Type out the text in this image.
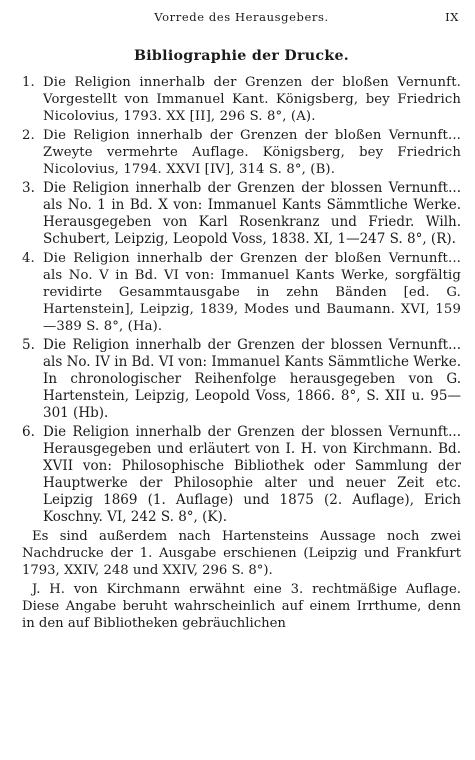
Vorrede des Herausgebers.	IX
Bibliographie der Drucke.
1. Die Religion innerhalb der Grenzen der bloßen Vernunft. Vorgestellt von Immanuel Kant. Königsberg, bey Friedrich Nicolovius, 1793. XX [II], 296 S. 8°, (A).
2. Die Religion innerhalb der Grenzen der bloßen Vernunft... Zweyte vermehrte Auflage. Königsberg, bey Friedrich Nicolovius, 1794. XXVI [IV], 314 S. 8°, (B).
3. Die Religion innerhalb der Grenzen der blossen Vernunft... als No. 1 in Bd. X von: Immanuel Kants Sämmtliche Werke. Herausgegeben von Karl Rosenkranz und Friedr. Wilh. Schubert, Leipzig, Leopold Voss, 1838. XI, 1—247 S. 8°, (R).
4. Die Religion innerhalb der Grenzen der bloßen Vernunft... als No. V in Bd. VI von: Immanuel Kants Werke, sorgfältig revidirte Gesammtausgabe in zehn Bänden [ed. G. Hartenstein], Leipzig, 1839, Modes und Baumann. XVI, 159—389 S. 8°, (Ha).
5. Die Religion innerhalb der Grenzen der blossen Vernunft... als No. IV in Bd. VI von: Immanuel Kants Sämmtliche Werke. In chronologischer Reihenfolge herausgegeben von G. Hartenstein, Leipzig, Leopold Voss, 1866. 8°, S. XII u. 95—301 (Hb).
6. Die Religion innerhalb der Grenzen der blossen Vernunft... Herausgegeben und erläutert von I. H. von Kirchmann. Bd. XVII von: Philosophische Bibliothek oder Sammlung der Hauptwerke der Philosophie alter und neuer Zeit etc. Leipzig 1869 (1. Auflage) und 1875 (2. Auflage), Erich Koschny. VI, 242 S. 8°, (K).

Es sind außerdem nach Hartensteins Aussage noch zwei Nachdrucke der 1. Ausgabe erschienen (Leipzig und Frankfurt 1793, XXIV, 248 und XXIV, 296 S. 8°).

J. H. von Kirchmann erwähnt eine 3. rechtmäßige Auflage. Diese Angabe beruht wahrscheinlich auf einem Irrthume, denn in den auf Bibliotheken gebräuchlichen
